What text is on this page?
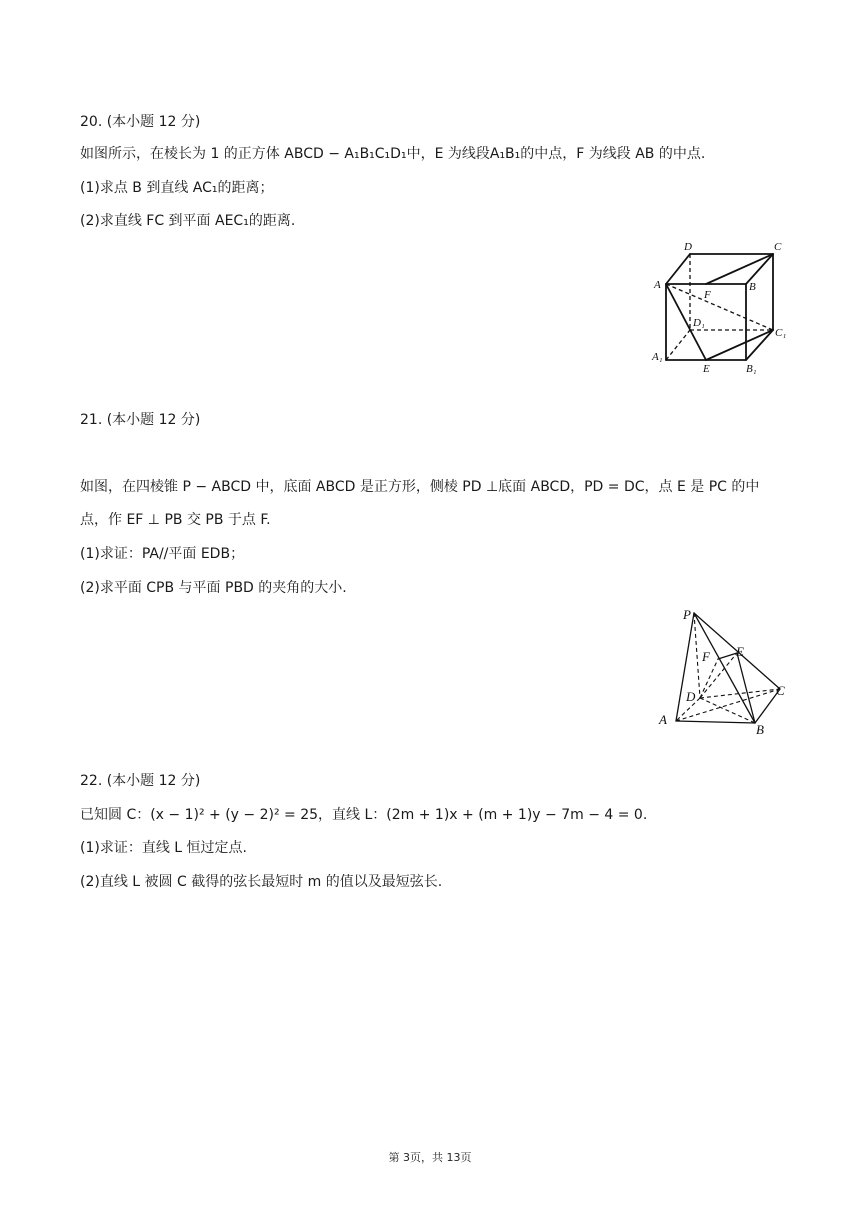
20. (本小题 12 分)
如图所示，在棱长为 1 的正方体 ABCD − A₁B₁C₁D₁中，E 为线段A₁B₁的中点，F 为线段 AB 的中点.
(1)求点 B 到直线 AC₁的距离；
(2)求直线 FC 到平面 AEC₁的距离.
D	C
A	B
F
D₁
C₁
A₁
E	B₁
21. (本小题 12 分)
如图，在四棱锥 P − ABCD 中，底面 ABCD 是正方形，侧棱 PD ⊥底面 ABCD，PD = DC，点 E 是 PC 的中
点，作 EF ⊥ PB 交 PB 于点 F.
(1)求证：PA//平面 EDB；
(2)求平面 CPB 与平面 PBD 的夹角的大小.
P
F E
D	C
A
B
22. (本小题 12 分)
已知圆 C：(x − 1)² + (y − 2)² = 25，直线 L：(2m + 1)x + (m + 1)y − 7m − 4 = 0.
(1)求证：直线 L 恒过定点.
(2)直线 L 被圆 C 截得的弦长最短时 m 的值以及最短弦长.
第 3页，共 13页
